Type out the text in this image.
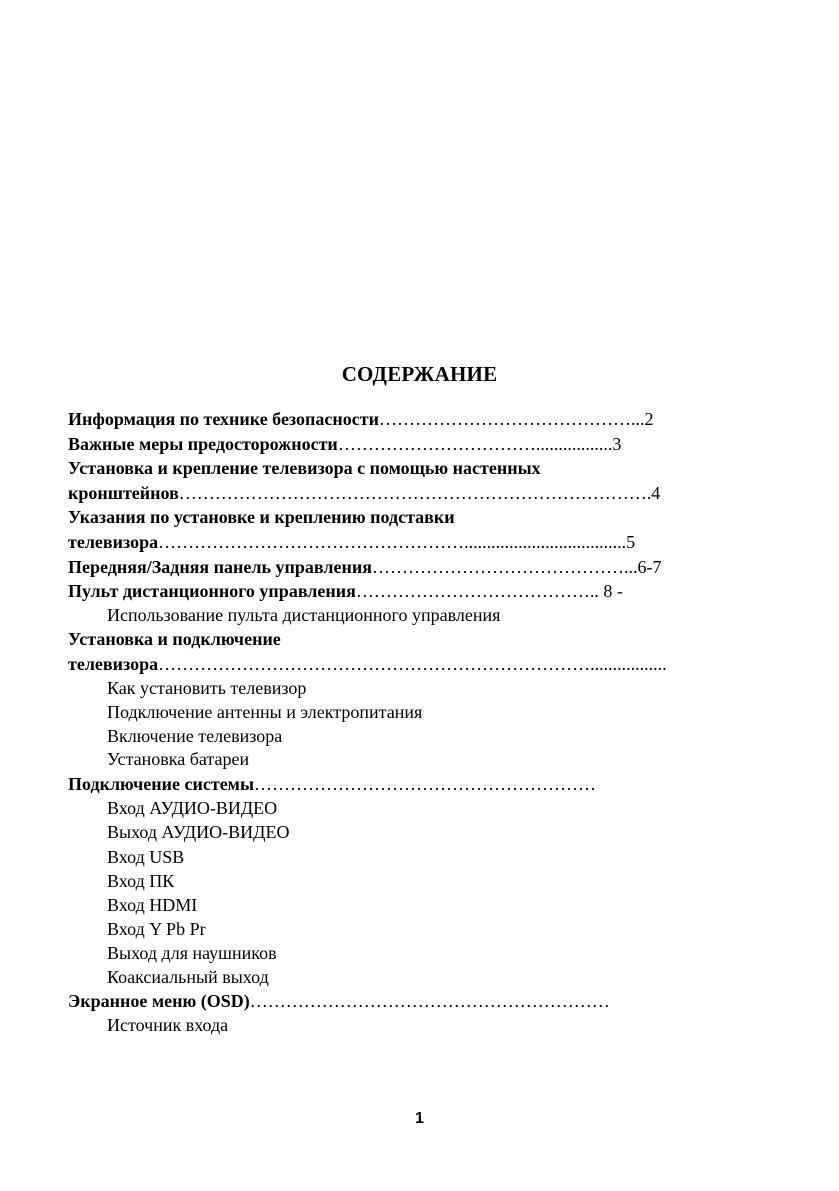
СОДЕРЖАНИЕ
Информация по технике безопасности……………………………………...2
Важные меры предосторожности…………………………….................3
Установка и крепление телевизора с помощью настенных
кронштейнов…………………………………………………………………….4
Указания по установке и креплению подставки
телевизора……………………………………………....................................5
Передняя/Задняя панель управления……………………………………...6-7
Пульт дистанционного управления………………………………….. 8 -
Использование пульта дистанционного управления
Установка и подключение
телевизора……………………………………………………………….................
Как установить телевизор
Подключение антенны и электропитания
Включение телевизора
Установка батареи
Подключение системы…………………………………………………
Вход АУДИО-ВИДЕО
Выход АУДИО-ВИДЕО
Вход USB
Вход ПК
Вход HDMI
Вход Y Pb Pr
Выход для наушников
Коаксиальный выход
Экранное меню (OSD)……………………………………………………
Источник входа
1
